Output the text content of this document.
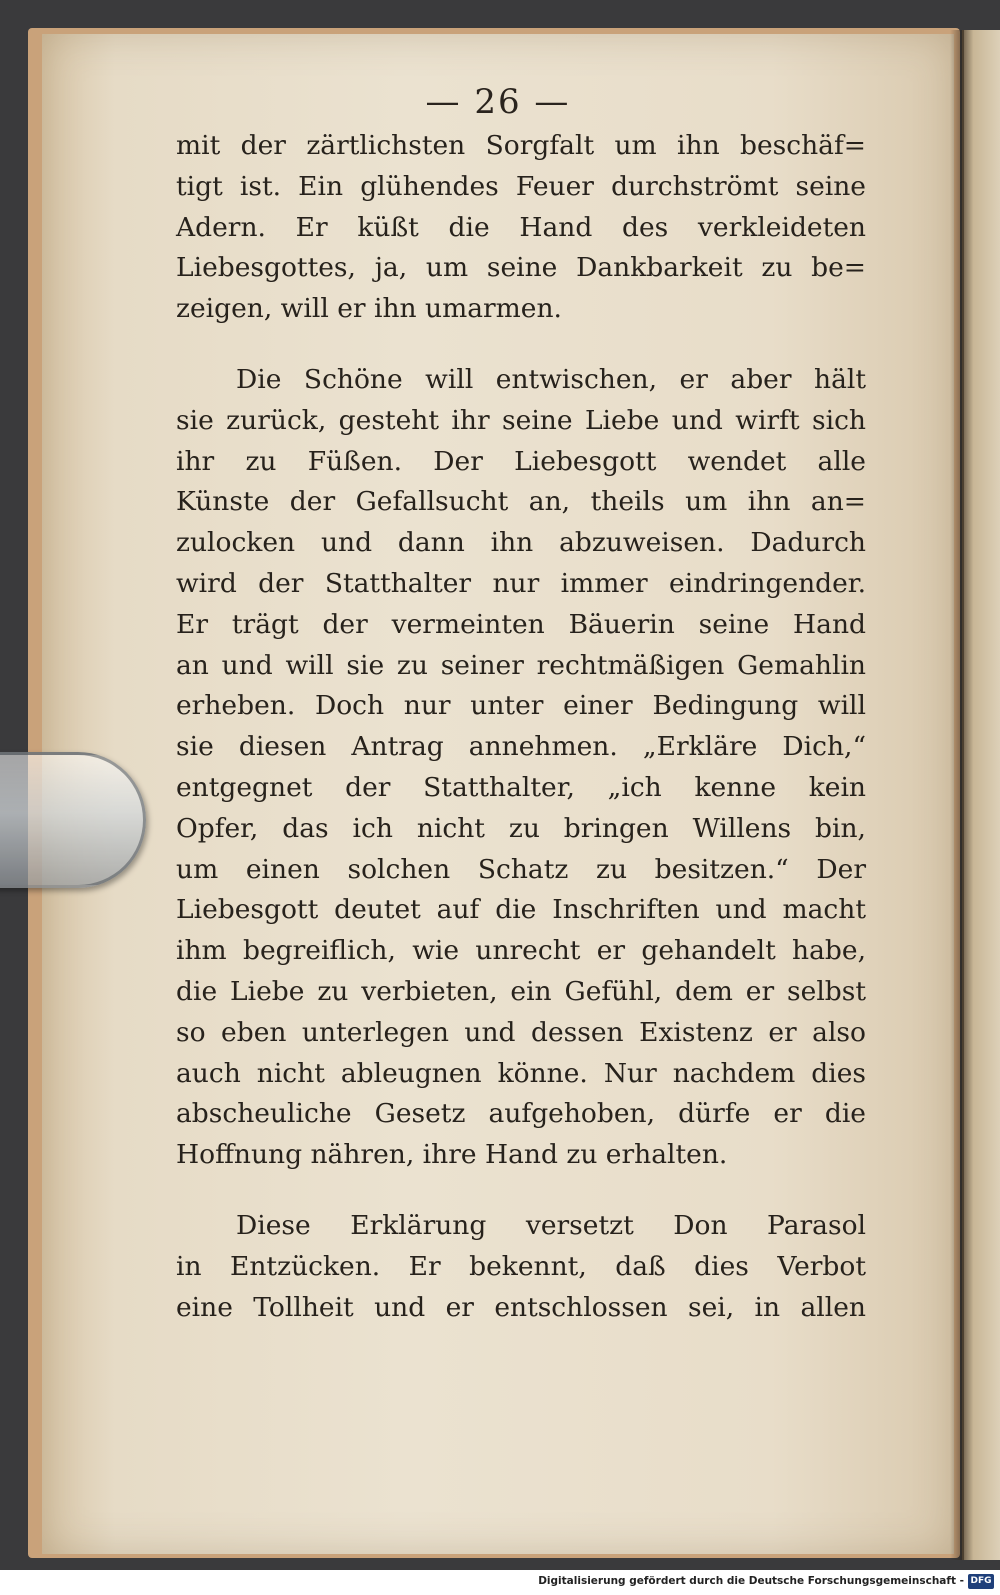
— 26 —
mit der zärtlichsten Sorgfalt um ihn beschäf=
tigt ist. Ein glühendes Feuer durchströmt seine
Adern. Er küßt die Hand des verkleideten
Liebesgottes, ja, um seine Dankbarkeit zu be=
zeigen, will er ihn umarmen.
Die Schöne will entwischen, er aber hält
sie zurück, gesteht ihr seine Liebe und wirft sich
ihr zu Füßen. Der Liebesgott wendet alle
Künste der Gefallsucht an, theils um ihn an=
zulocken und dann ihn abzuweisen. Dadurch
wird der Statthalter nur immer eindringender.
Er trägt der vermeinten Bäuerin seine Hand
an und will sie zu seiner rechtmäßigen Gemahlin
erheben. Doch nur unter einer Bedingung will
sie diesen Antrag annehmen. „Erkläre Dich,“
entgegnet der Statthalter, „ich kenne kein
Opfer, das ich nicht zu bringen Willens bin,
um einen solchen Schatz zu besitzen.“ Der
Liebesgott deutet auf die Inschriften und macht
ihm begreiflich, wie unrecht er gehandelt habe,
die Liebe zu verbieten, ein Gefühl, dem er selbst
so eben unterlegen und dessen Existenz er also
auch nicht ableugnen könne. Nur nachdem dies
abscheuliche Gesetz aufgehoben, dürfe er die
Hoffnung nähren, ihre Hand zu erhalten.
Diese Erklärung versetzt Don Parasol
in Entzücken. Er bekennt, daß dies Verbot
eine Tollheit und er entschlossen sei, in allen
Digitalisierung gefördert durch die Deutsche Forschungsgemeinschaft - DFG
